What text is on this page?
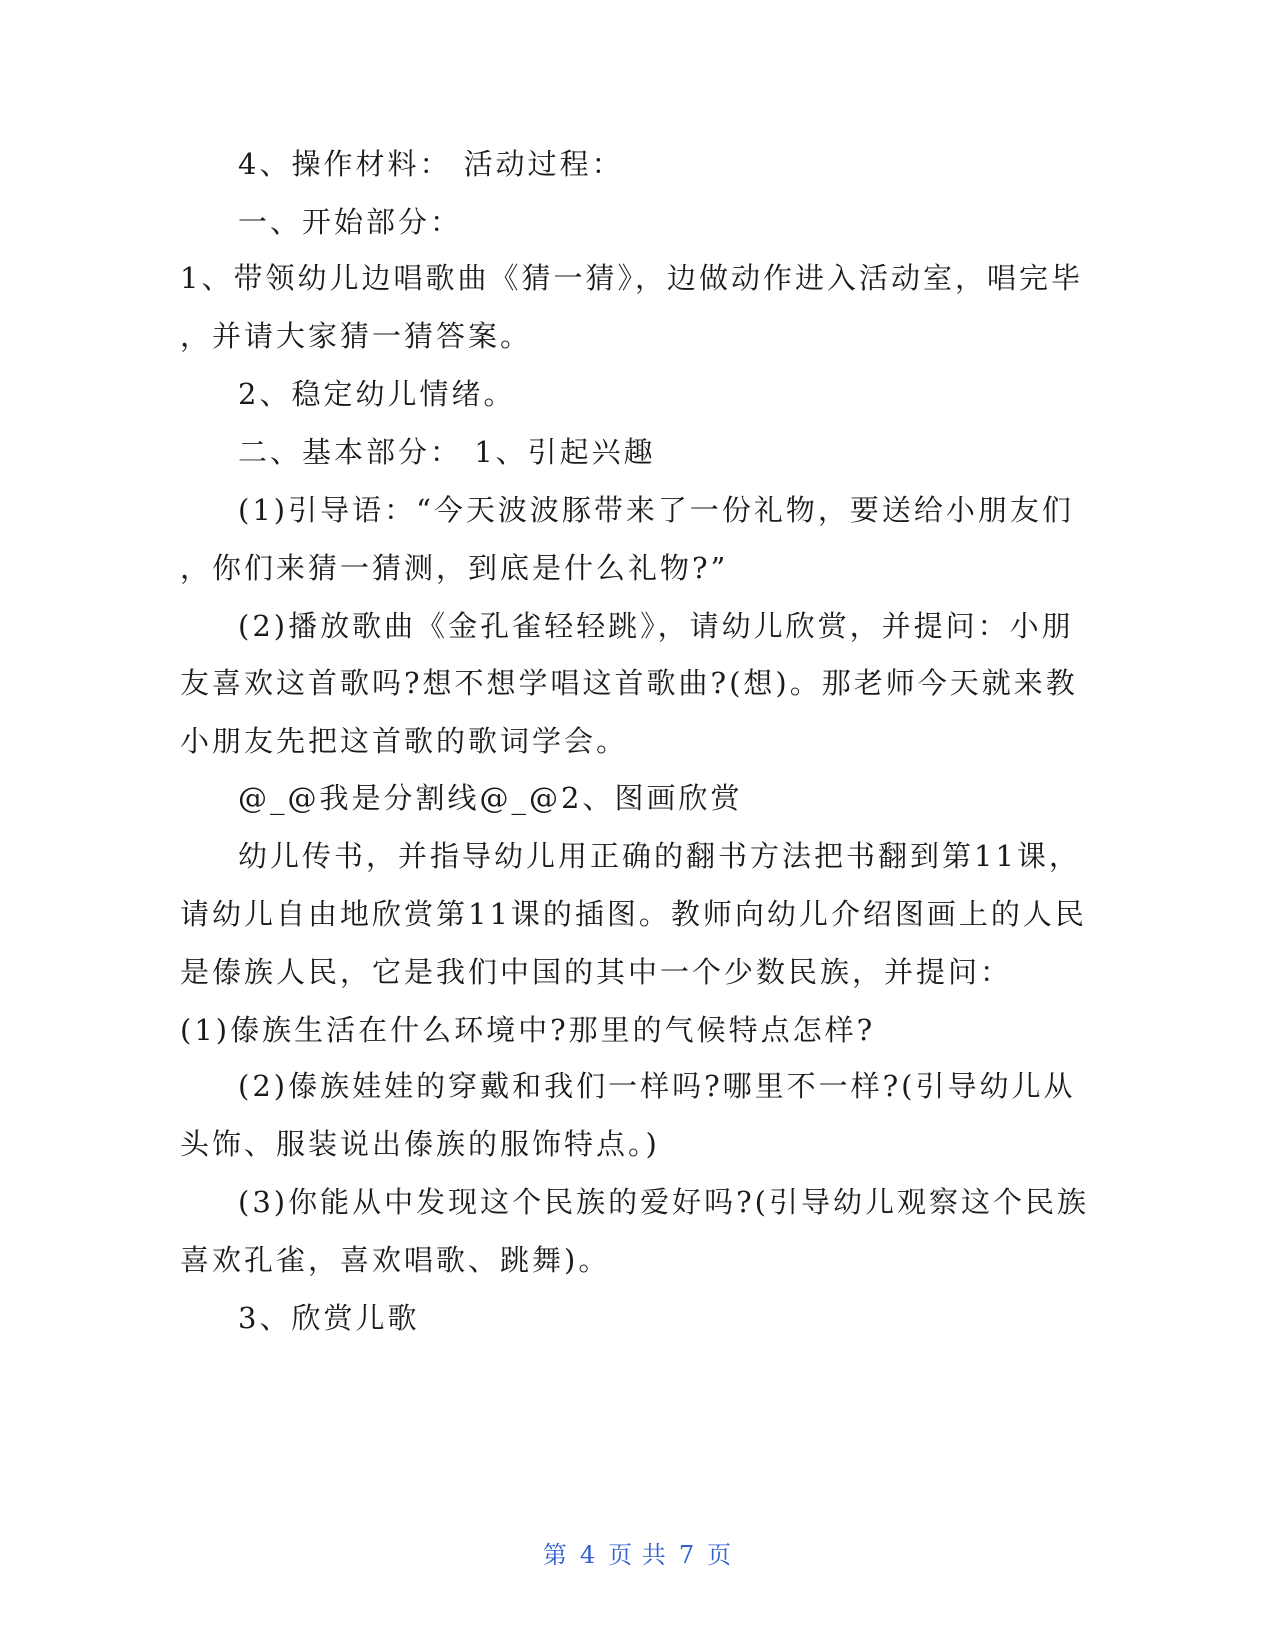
4、操作材料： 活动过程：
一、开始部分：
1、带领幼儿边唱歌曲《猜一猜》，边做动作进入活动室，唱完毕
，并请大家猜一猜答案。
2、稳定幼儿情绪。
二、基本部分： 1、引起兴趣
(1)引导语：“今天波波豚带来了一份礼物，要送给小朋友们
，你们来猜一猜测，到底是什么礼物?”
(2)播放歌曲《金孔雀轻轻跳》，请幼儿欣赏，并提问：小朋
友喜欢这首歌吗?想不想学唱这首歌曲?(想)。那老师今天就来教
小朋友先把这首歌的歌词学会。
@_@我是分割线@_@2、图画欣赏
幼儿传书，并指导幼儿用正确的翻书方法把书翻到第11课，
请幼儿自由地欣赏第11课的插图。教师向幼儿介绍图画上的人民
是傣族人民，它是我们中国的其中一个少数民族，并提问：
(1)傣族生活在什么环境中?那里的气候特点怎样?
(2)傣族娃娃的穿戴和我们一样吗?哪里不一样?(引导幼儿从
头饰、服装说出傣族的服饰特点。)
(3)你能从中发现这个民族的爱好吗?(引导幼儿观察这个民族
喜欢孔雀，喜欢唱歌、跳舞)。
3、欣赏儿歌
第 4 页 共 7 页
